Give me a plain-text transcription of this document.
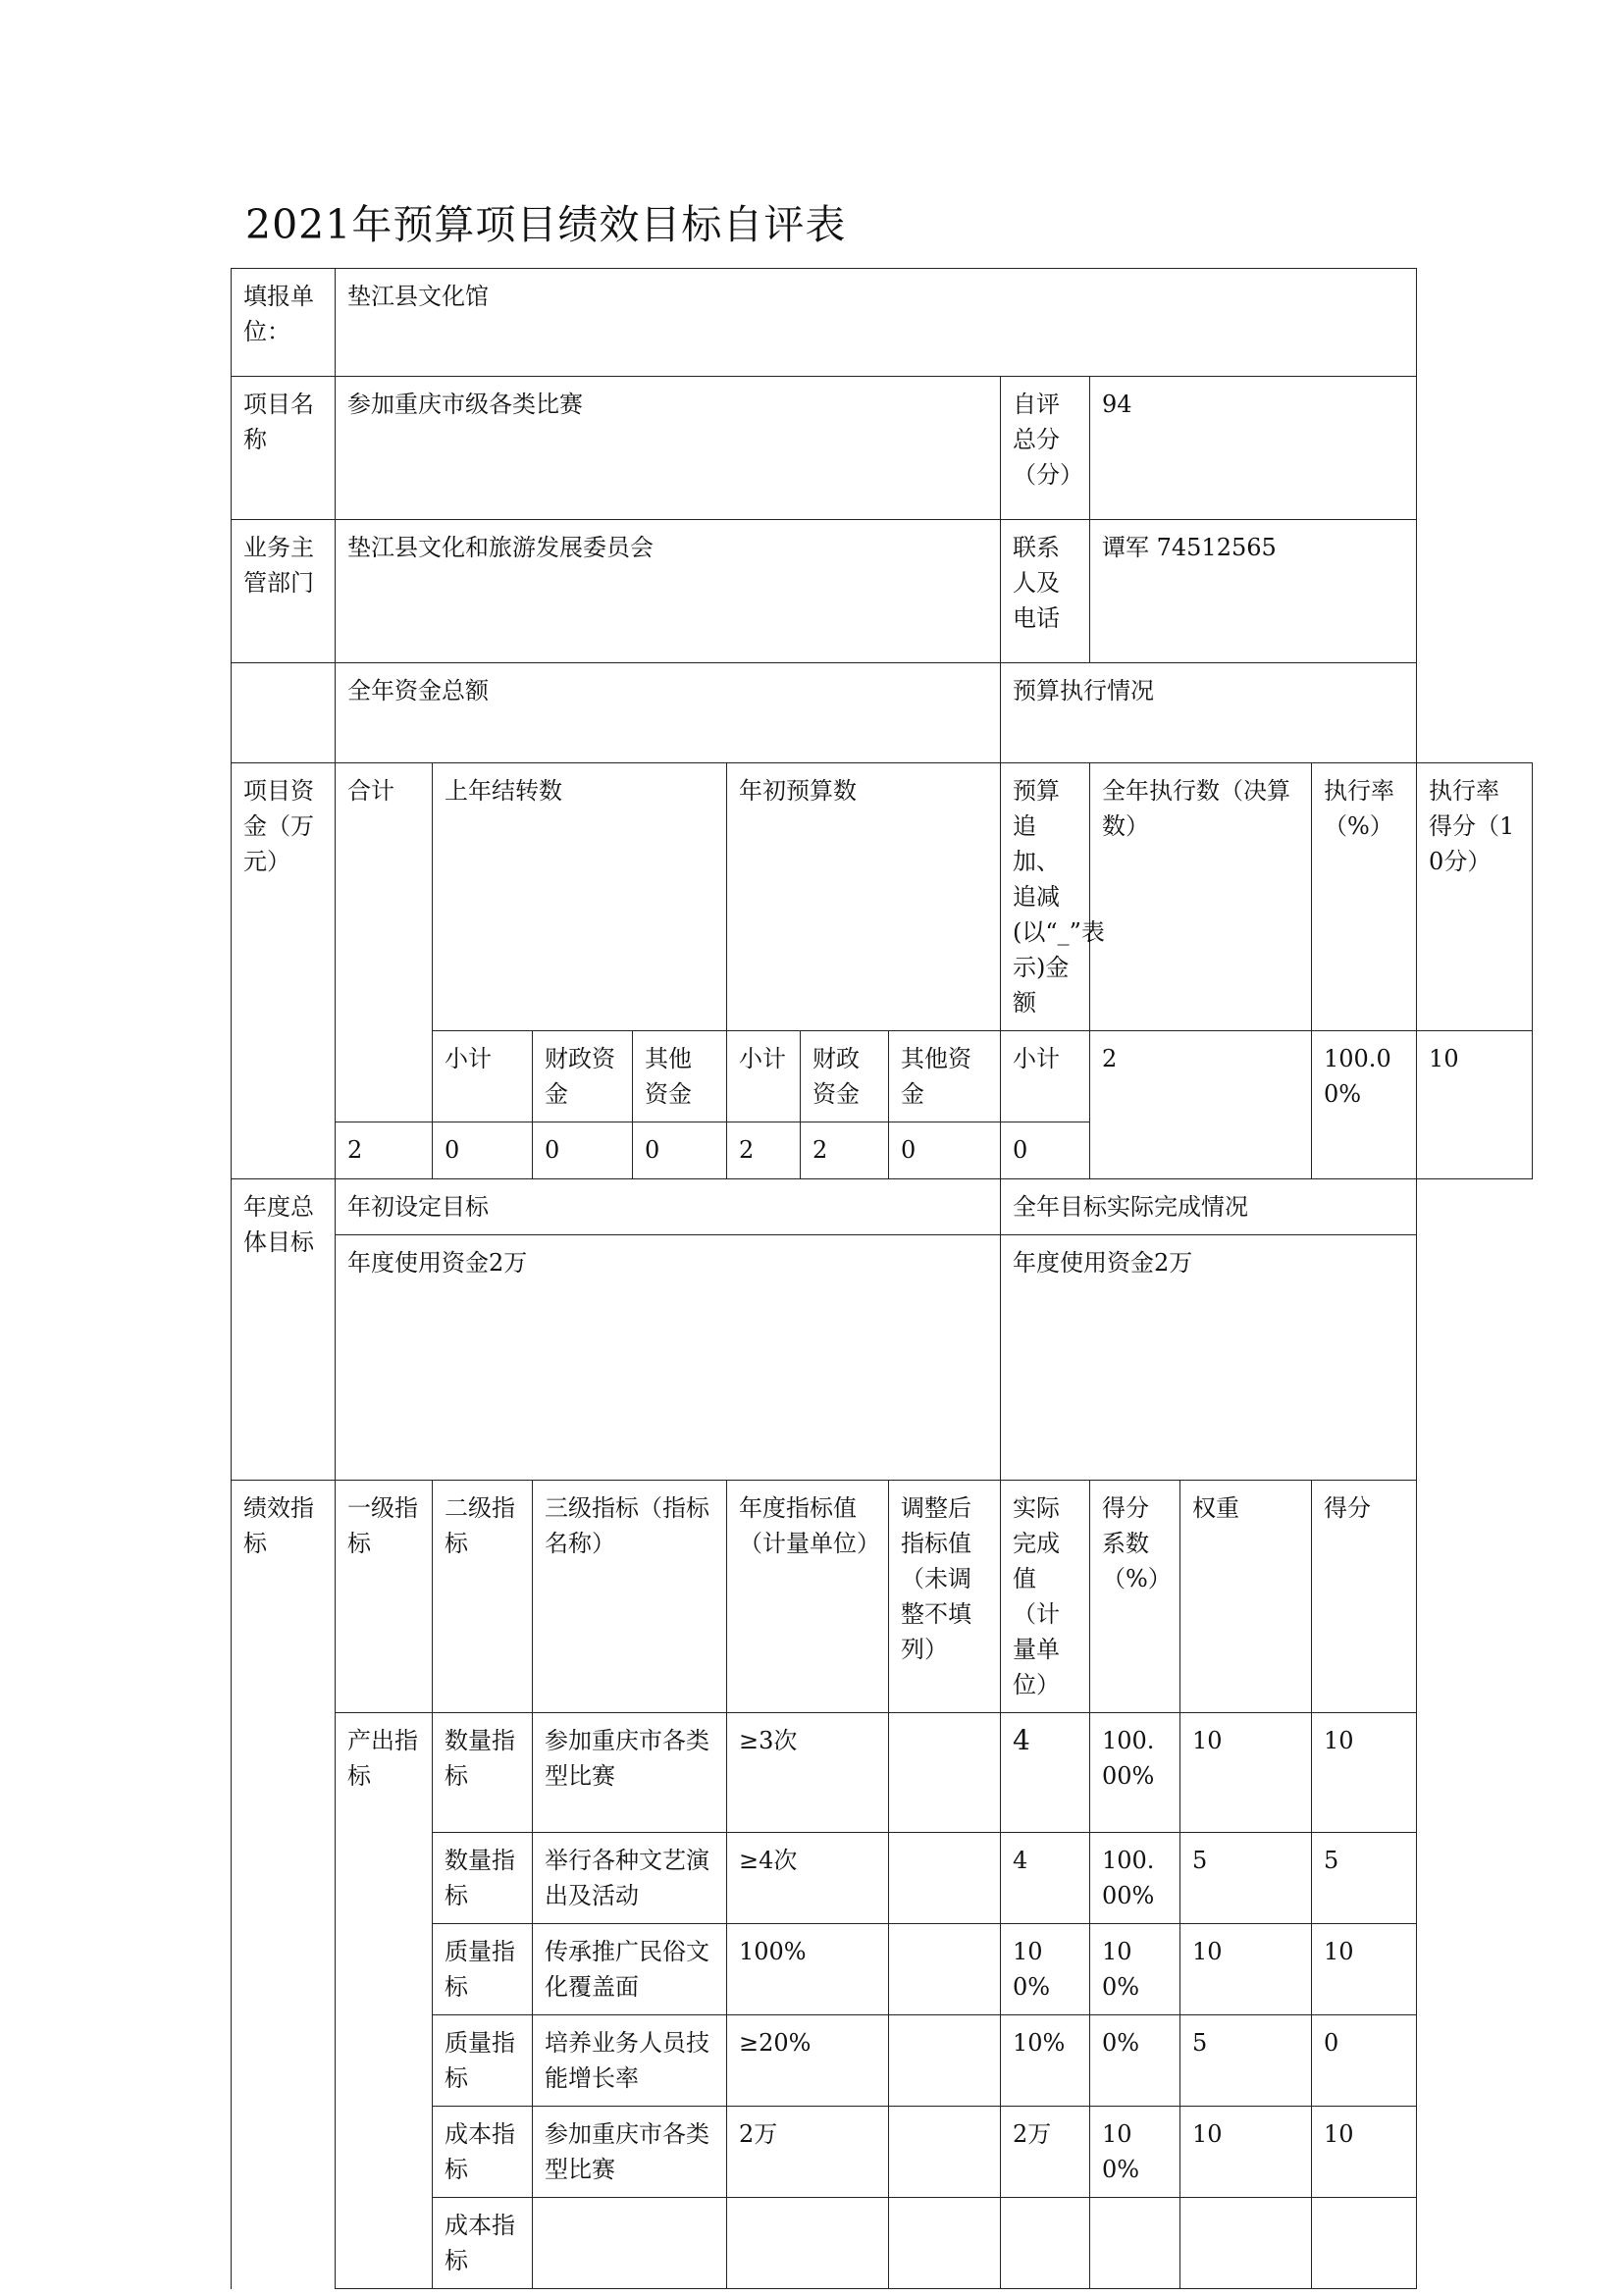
2021年预算项目绩效目标自评表
填报单位：	垫江县文化馆											
项目名称	参加重庆市级各类比赛							自评总分（分）	94			
业务主管部门	垫江县文化和旅游发展委员会							联系人及电话	谭军 74512565			
	全年资金总额							预算执行情况				
项目资金（万元）	合计	上年结转数			年初预算数			预算追加、追减(以“_”表示)金额	全年执行数（决算数）		执行率（%）	执行率得分（10分）
		小计	财政资金	其他资金	小计	财政资金	其他资金	小计	2		100.00%	10
	2	0	0	0	2	2	0	0				
年度总体目标	年初设定目标							全年目标实际完成情况				
	年度使用资金2万							年度使用资金2万				
绩效指标	一级指标	二级指标	三级指标（指标名称）		年度指标值（计量单位）		调整后指标值（未调整不填列）	实际完成值（计量单位）	得分系数（%）	权重	得分	
	产出指标	数量指标	参加重庆市各类型比赛		≥3次			4	100.00%	10	10	
		数量指标	举行各种文艺演出及活动		≥4次			4	100.00%	5	5	
		质量指标	传承推广民俗文化覆盖面		100%			100%	100%	10	10	
		质量指标	培养业务人员技能增长率		≥20%			10%	0%	5	0	
		成本指标	参加重庆市各类型比赛		2万			2万	100%	10	10	
		成本指标										
